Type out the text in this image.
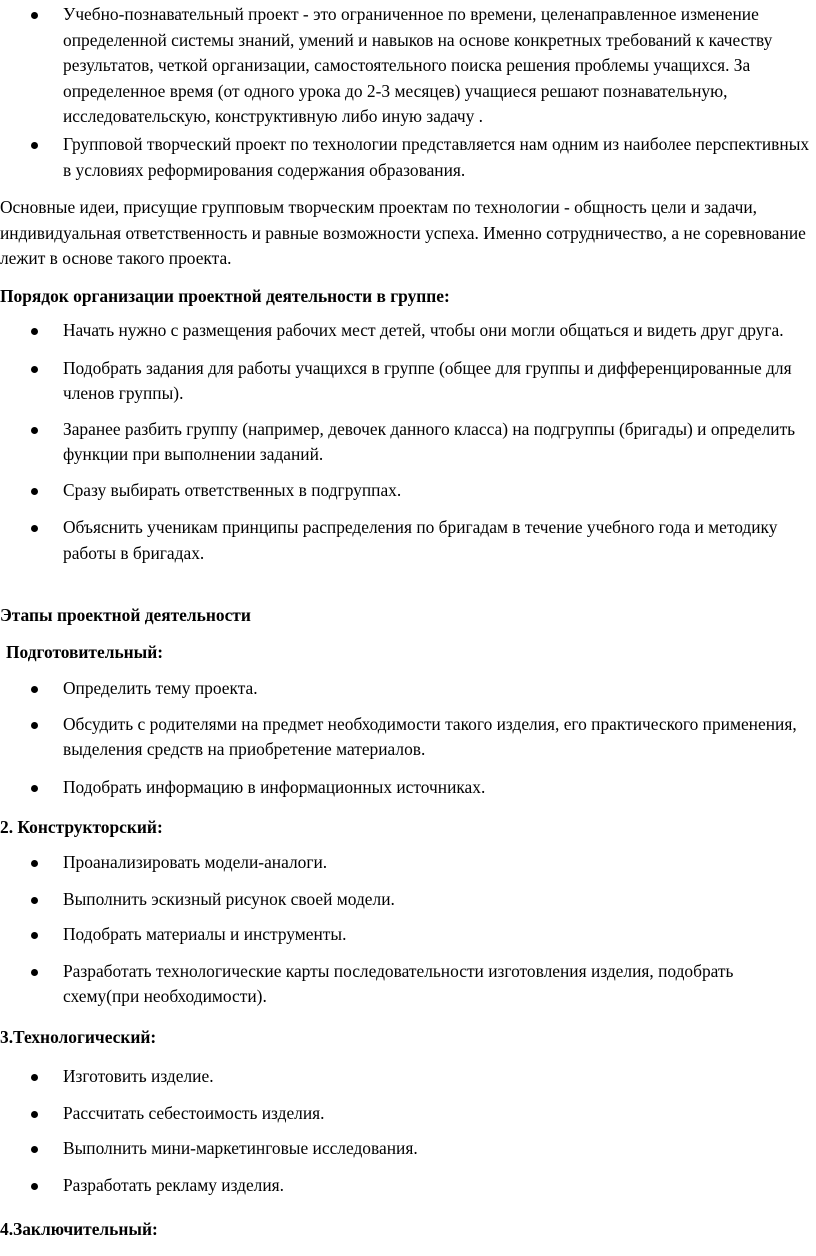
Учебно-познавательный проект - это ограниченное по времени, целенаправленное изменение определенной системы знаний, умений и навыков на основе конкретных требований к качеству результатов, четкой организации, самостоятельного поиска решения проблемы учащихся. За определенное время (от одного урока до 2-3 месяцев) учащиеся решают познавательную, исследовательскую, конструктивную либо иную задачу .
Групповой творческий проект по технологии представляется нам одним из наиболее перспективных в условиях реформирования содержания образования.

Основные идеи, присущие групповым творческим проектам по технологии - общность цели и задачи, индивидуальная ответственность и равные возможности успеха. Именно сотрудничество, а не соревнование лежит в основе такого проекта.

Порядок организации проектной деятельности в группе:

Начать нужно с размещения рабочих мест детей, чтобы они могли общаться и видеть друг друга.
Подобрать задания для работы учащихся в группе (общее для группы и дифференцированные для членов группы).
Заранее разбить группу (например, девочек данного класса) на подгруппы (бригады) и определить функции при выполнении заданий.
Сразу выбирать ответственных в подгруппах.
Объяснить ученикам принципы распределения по бригадам в течение учебного года и методику работы в бригадах.

Этапы проектной деятельности

Подготовительный:

Определить тему проекта.
Обсудить с родителями на предмет необходимости такого изделия, его практического применения, выделения средств на приобретение материалов.
Подобрать информацию в информационных источниках.

2. Конструкторский:

Проанализировать модели-аналоги.
Выполнить эскизный рисунок своей модели.
Подобрать материалы и инструменты.
Разработать технологические карты последовательности изготовления изделия, подобрать схему(при необходимости).

3.Технологический:

Изготовить изделие.
Рассчитать себестоимость изделия.
Выполнить мини-маркетинговые исследования.
Разработать рекламу изделия.

4.Заключительный:
